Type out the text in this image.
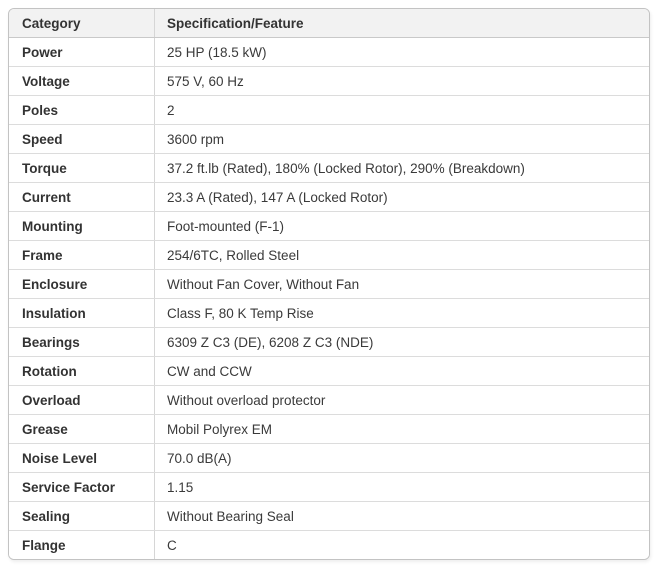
Category	Specification/Feature
Power	25 HP (18.5 kW)
Voltage	575 V, 60 Hz
Poles	2
Speed	3600 rpm
Torque	37.2 ft.lb (Rated), 180% (Locked Rotor), 290% (Breakdown)
Current	23.3 A (Rated), 147 A (Locked Rotor)
Mounting	Foot-mounted (F-1)
Frame	254/6TC, Rolled Steel
Enclosure	Without Fan Cover, Without Fan
Insulation	Class F, 80 K Temp Rise
Bearings	6309 Z C3 (DE), 6208 Z C3 (NDE)
Rotation	CW and CCW
Overload	Without overload protector
Grease	Mobil Polyrex EM
Noise Level	70.0 dB(A)
Service Factor	1.15
Sealing	Without Bearing Seal
Flange	C
